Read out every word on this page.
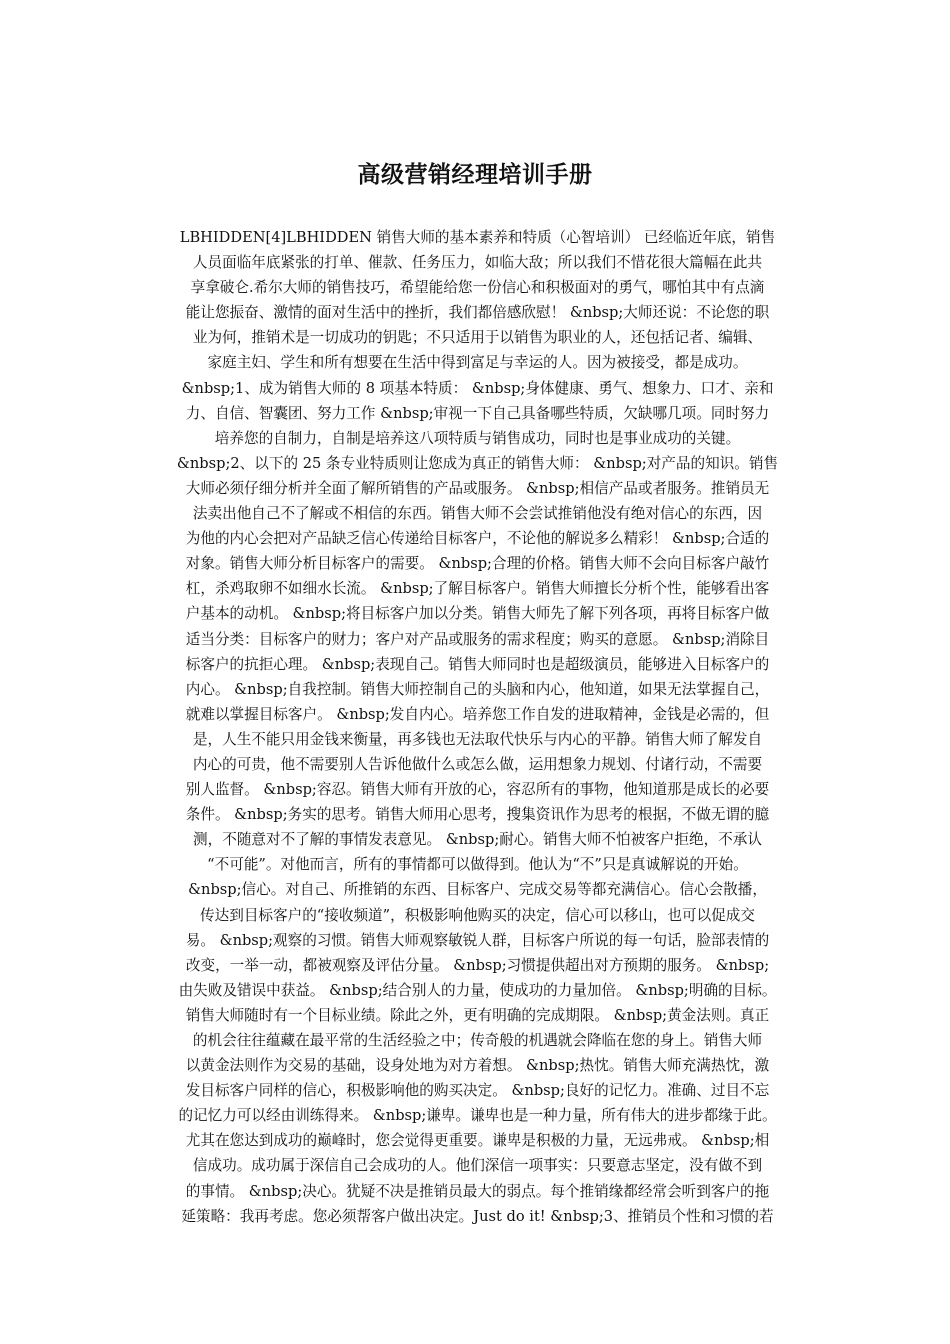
高级营销经理培训手册
LBHIDDEN[4]LBHIDDEN 销售大师的基本素养和特质（心智培训） 已经临近年底，销售
人员面临年底紧张的打单、催款、任务压力，如临大敌；所以我们不惜花很大篇幅在此共
享拿破仑.希尔大师的销售技巧，希望能给您一份信心和积极面对的勇气，哪怕其中有点滴
能让您振奋、激情的面对生活中的挫折，我们都倍感欣慰！ &nbsp;大师还说：不论您的职
业为何，推销术是一切成功的钥匙；不只适用于以销售为职业的人，还包括记者、编辑、
家庭主妇、学生和所有想要在生活中得到富足与幸运的人。因为被接受，都是成功。
&nbsp;1、成为销售大师的 8 项基本特质： &nbsp;身体健康、勇气、想象力、口才、亲和
力、自信、智囊团、努力工作 &nbsp;审视一下自己具备哪些特质，欠缺哪几项。同时努力
培养您的自制力，自制是培养这八项特质与销售成功，同时也是事业成功的关键。
&nbsp;2、以下的 25 条专业特质则让您成为真正的销售大师： &nbsp;对产品的知识。销售
大师必须仔细分析并全面了解所销售的产品或服务。 &nbsp;相信产品或者服务。推销员无
法卖出他自己不了解或不相信的东西。销售大师不会尝试推销他没有绝对信心的东西，因
为他的内心会把对产品缺乏信心传递给目标客户，不论他的解说多么精彩！ &nbsp;合适的
对象。销售大师分析目标客户的需要。 &nbsp;合理的价格。销售大师不会向目标客户敲竹
杠，杀鸡取卵不如细水长流。 &nbsp;了解目标客户。销售大师擅长分析个性，能够看出客
户基本的动机。 &nbsp;将目标客户加以分类。销售大师先了解下列各项，再将目标客户做
适当分类：目标客户的财力；客户对产品或服务的需求程度；购买的意愿。 &nbsp;消除目
标客户的抗拒心理。 &nbsp;表现自己。销售大师同时也是超级演员，能够进入目标客户的
内心。 &nbsp;自我控制。销售大师控制自己的头脑和内心，他知道，如果无法掌握自己，
就难以掌握目标客户。 &nbsp;发自内心。培养您工作自发的进取精神，金钱是必需的，但
是，人生不能只用金钱来衡量，再多钱也无法取代快乐与内心的平静。销售大师了解发自
内心的可贵，他不需要别人告诉他做什么或怎么做，运用想象力规划、付诸行动，不需要
别人监督。 &nbsp;容忍。销售大师有开放的心，容忍所有的事物，他知道那是成长的必要
条件。 &nbsp;务实的思考。销售大师用心思考，搜集资讯作为思考的根据，不做无谓的臆
测，不随意对不了解的事情发表意见。 &nbsp;耐心。销售大师不怕被客户拒绝，不承认
“不可能”。对他而言，所有的事情都可以做得到。他认为“不”只是真诚解说的开始。
&nbsp;信心。对自己、所推销的东西、目标客户、完成交易等都充满信心。信心会散播，
传达到目标客户的“接收频道”，积极影响他购买的决定，信心可以移山，也可以促成交
易。 &nbsp;观察的习惯。销售大师观察敏锐人群，目标客户所说的每一句话，脸部表情的
改变，一举一动，都被观察及评估分量。 &nbsp;习惯提供超出对方预期的服务。 &nbsp;
由失败及错误中获益。 &nbsp;结合别人的力量，使成功的力量加倍。 &nbsp;明确的目标。
销售大师随时有一个目标业绩。除此之外，更有明确的完成期限。 &nbsp;黄金法则。真正
的机会往往蕴藏在最平常的生活经验之中；传奇般的机遇就会降临在您的身上。销售大师
以黄金法则作为交易的基础，设身处地为对方着想。 &nbsp;热忱。销售大师充满热忱，激
发目标客户同样的信心，积极影响他的购买决定。 &nbsp;良好的记忆力。准确、过目不忘
的记忆力可以经由训练得来。 &nbsp;谦卑。谦卑也是一种力量，所有伟大的进步都缘于此。
尤其在您达到成功的巅峰时，您会觉得更重要。谦卑是积极的力量，无远弗戒。 &nbsp;相
信成功。成功属于深信自己会成功的人。他们深信一项事实：只要意志坚定，没有做不到
的事情。 &nbsp;决心。犹疑不决是推销员最大的弱点。每个推销缘都经常会听到客户的拖
延策略：我再考虑。您必须帮客户做出决定。Just do it! &nbsp;3、推销员个性和习惯的若
